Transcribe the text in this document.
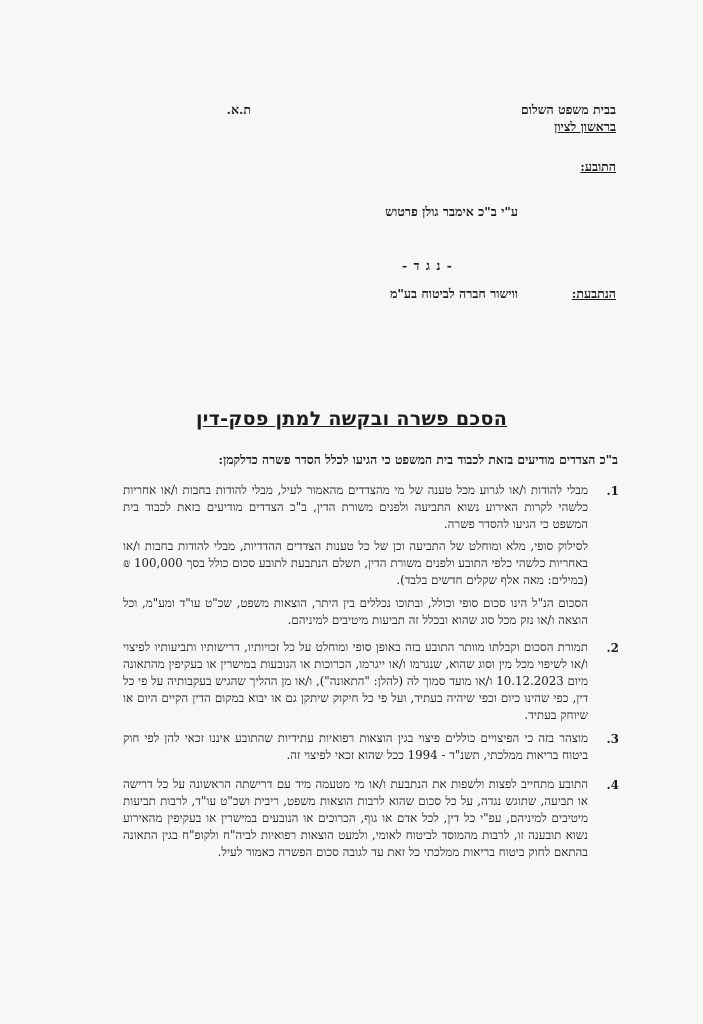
בבית משפט השלום
בראשון לציון
ת.א.
התובע:
ע"י ב"כ אימבר גולן פרטוש
- נ ג ד -
הנתבעת:
ווישור חברה לביטוח בע"מ
הסכם פשרה ובקשה למתן פסק-דין
ב"כ הצדדים מודיעים בזאת לכבוד בית המשפט כי הגיעו לכלל הסדר פשרה כדלקמן:
1.
מבלי להודות ו/או לגרוע מכל טענה של מי מהצדדים מהאמור לעיל, מבלי להודות בחבות ו/או אחריות כלשהי לקרות האירוע נשוא התביעה ולפנים משורת הדין, ב"כ הצדדים מודיעים בזאת לכבוד בית המשפט כי הגיעו להסדר פשרה.
לסילוק סופי, מלא ומוחלט של התביעה וכן של כל טענות הצדדים ההדדיות, מבלי להודות בחבות ו/או באחריות כלשהי כלפי התובע ולפנים משורת הדין, תשלם הנתבעת לתובע סכום כולל בסך 100,000 ₪ (במילים: מאה אלף שקלים חדשים בלבד).
הסכום הנ"ל הינו סכום סופי וכולל, ובתוכו נכללים בין היתר, הוצאות משפט, שכ"ט עו"ד ומע"מ, וכל הוצאה ו/או נזק מכל סוג שהוא ובכלל זה תביעות מיטיבים למיניהם.
2.
תמורת הסכום וקבלתו מוותר התובע בזה באופן סופי ומוחלט על כל זכויותיו, דרישותיו ותביעותיו לפיצוי ו/או לשיפוי מכל מין וסוג שהוא, שנגרמו ו/או ייגרמו, הכרוכות או הנובעות במישרין או בעקיפין מהתאונה מיום 10.12.2023 ו/או מועד סמוך לה (להלן: "התאונה"), ו/או מן ההליך שהגיש בעקבותיה על פי כל דין, כפי שהינו כיום וכפי שיהיה בעתיד, ועל פי כל חיקוק שיתקן גם או יבוא במקום הדין הקיים היום או שיוחק בעתיד.
3.
מוצהר בזה כי הפיצויים כוללים פיצוי בגין הוצאות רפואיות עתידיות שהתובע איננו זכאי להן לפי חוק ביטוח בריאות ממלכתי, תשנ"ד - 1994 ככל שהוא זכאי לפיצוי זה.
4.
התובע מתחייב לפצות ולשפות את הנתבעת ו/או מי מטעמה מיד עם דרישתה הראשונה על כל דרישה או תביעה, שתוגש נגדה, על כל סכום שהוא לרבות הוצאות משפט, ריבית ושכ"ט עו"ד, לרבות תביעות מיטיבים למיניהם, עפ"י כל דין, לכל אדם או גוף, הכרוכים או הנובעים במישרין או בעקיפין מהאירוע נשוא תובענה זו, לרבות מהמוסד לביטוח לאומי, ולמעט הוצאות רפואיות לביה"ח ולקופ"ח בגין התאונה בהתאם לחוק ביטוח בריאות ממלכתי כל זאת עד לגובה סכום הפשרה כאמור לעיל.
